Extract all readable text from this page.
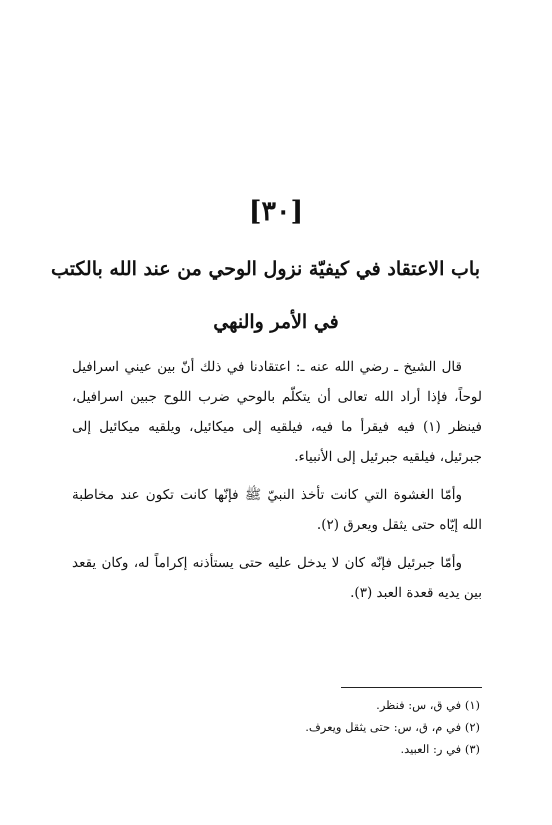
[٣٠]
باب الاعتقاد في كيفيّة نزول الوحي من عند الله بالكتب
في الأمر والنهي

قال الشيخ ـ رضي الله عنه ـ: اعتقادنا في ذلك أنّ بين عيني اسرافيل لوحاً، فإذا أراد الله تعالى أن يتكلّم بالوحي ضرب اللوح جبين اسرافيل، فينظر (١) فيه فيقرأ ما فيه، فيلقيه إلى ميكائيل، ويلقيه ميكائيل إلى جبرئيل، فيلقيه جبرئيل إلى الأنبياء.

وأمّا الغشوة التي كانت تأخذ النبيّ ﷺ فإنّها كانت تكون عند مخاطبة الله إيّاه حتى يثقل ويعرق (٢).

وأمّا جبرئيل فإنّه كان لا يدخل عليه حتى يستأذنه إكراماً له، وكان يقعد بين يديه قعدة العبد (٣).

(١) في ق، س: فنظر.
(٢) في م، ق، س: حتى يثقل ويعرف.
(٣) في ر: العبيد.
